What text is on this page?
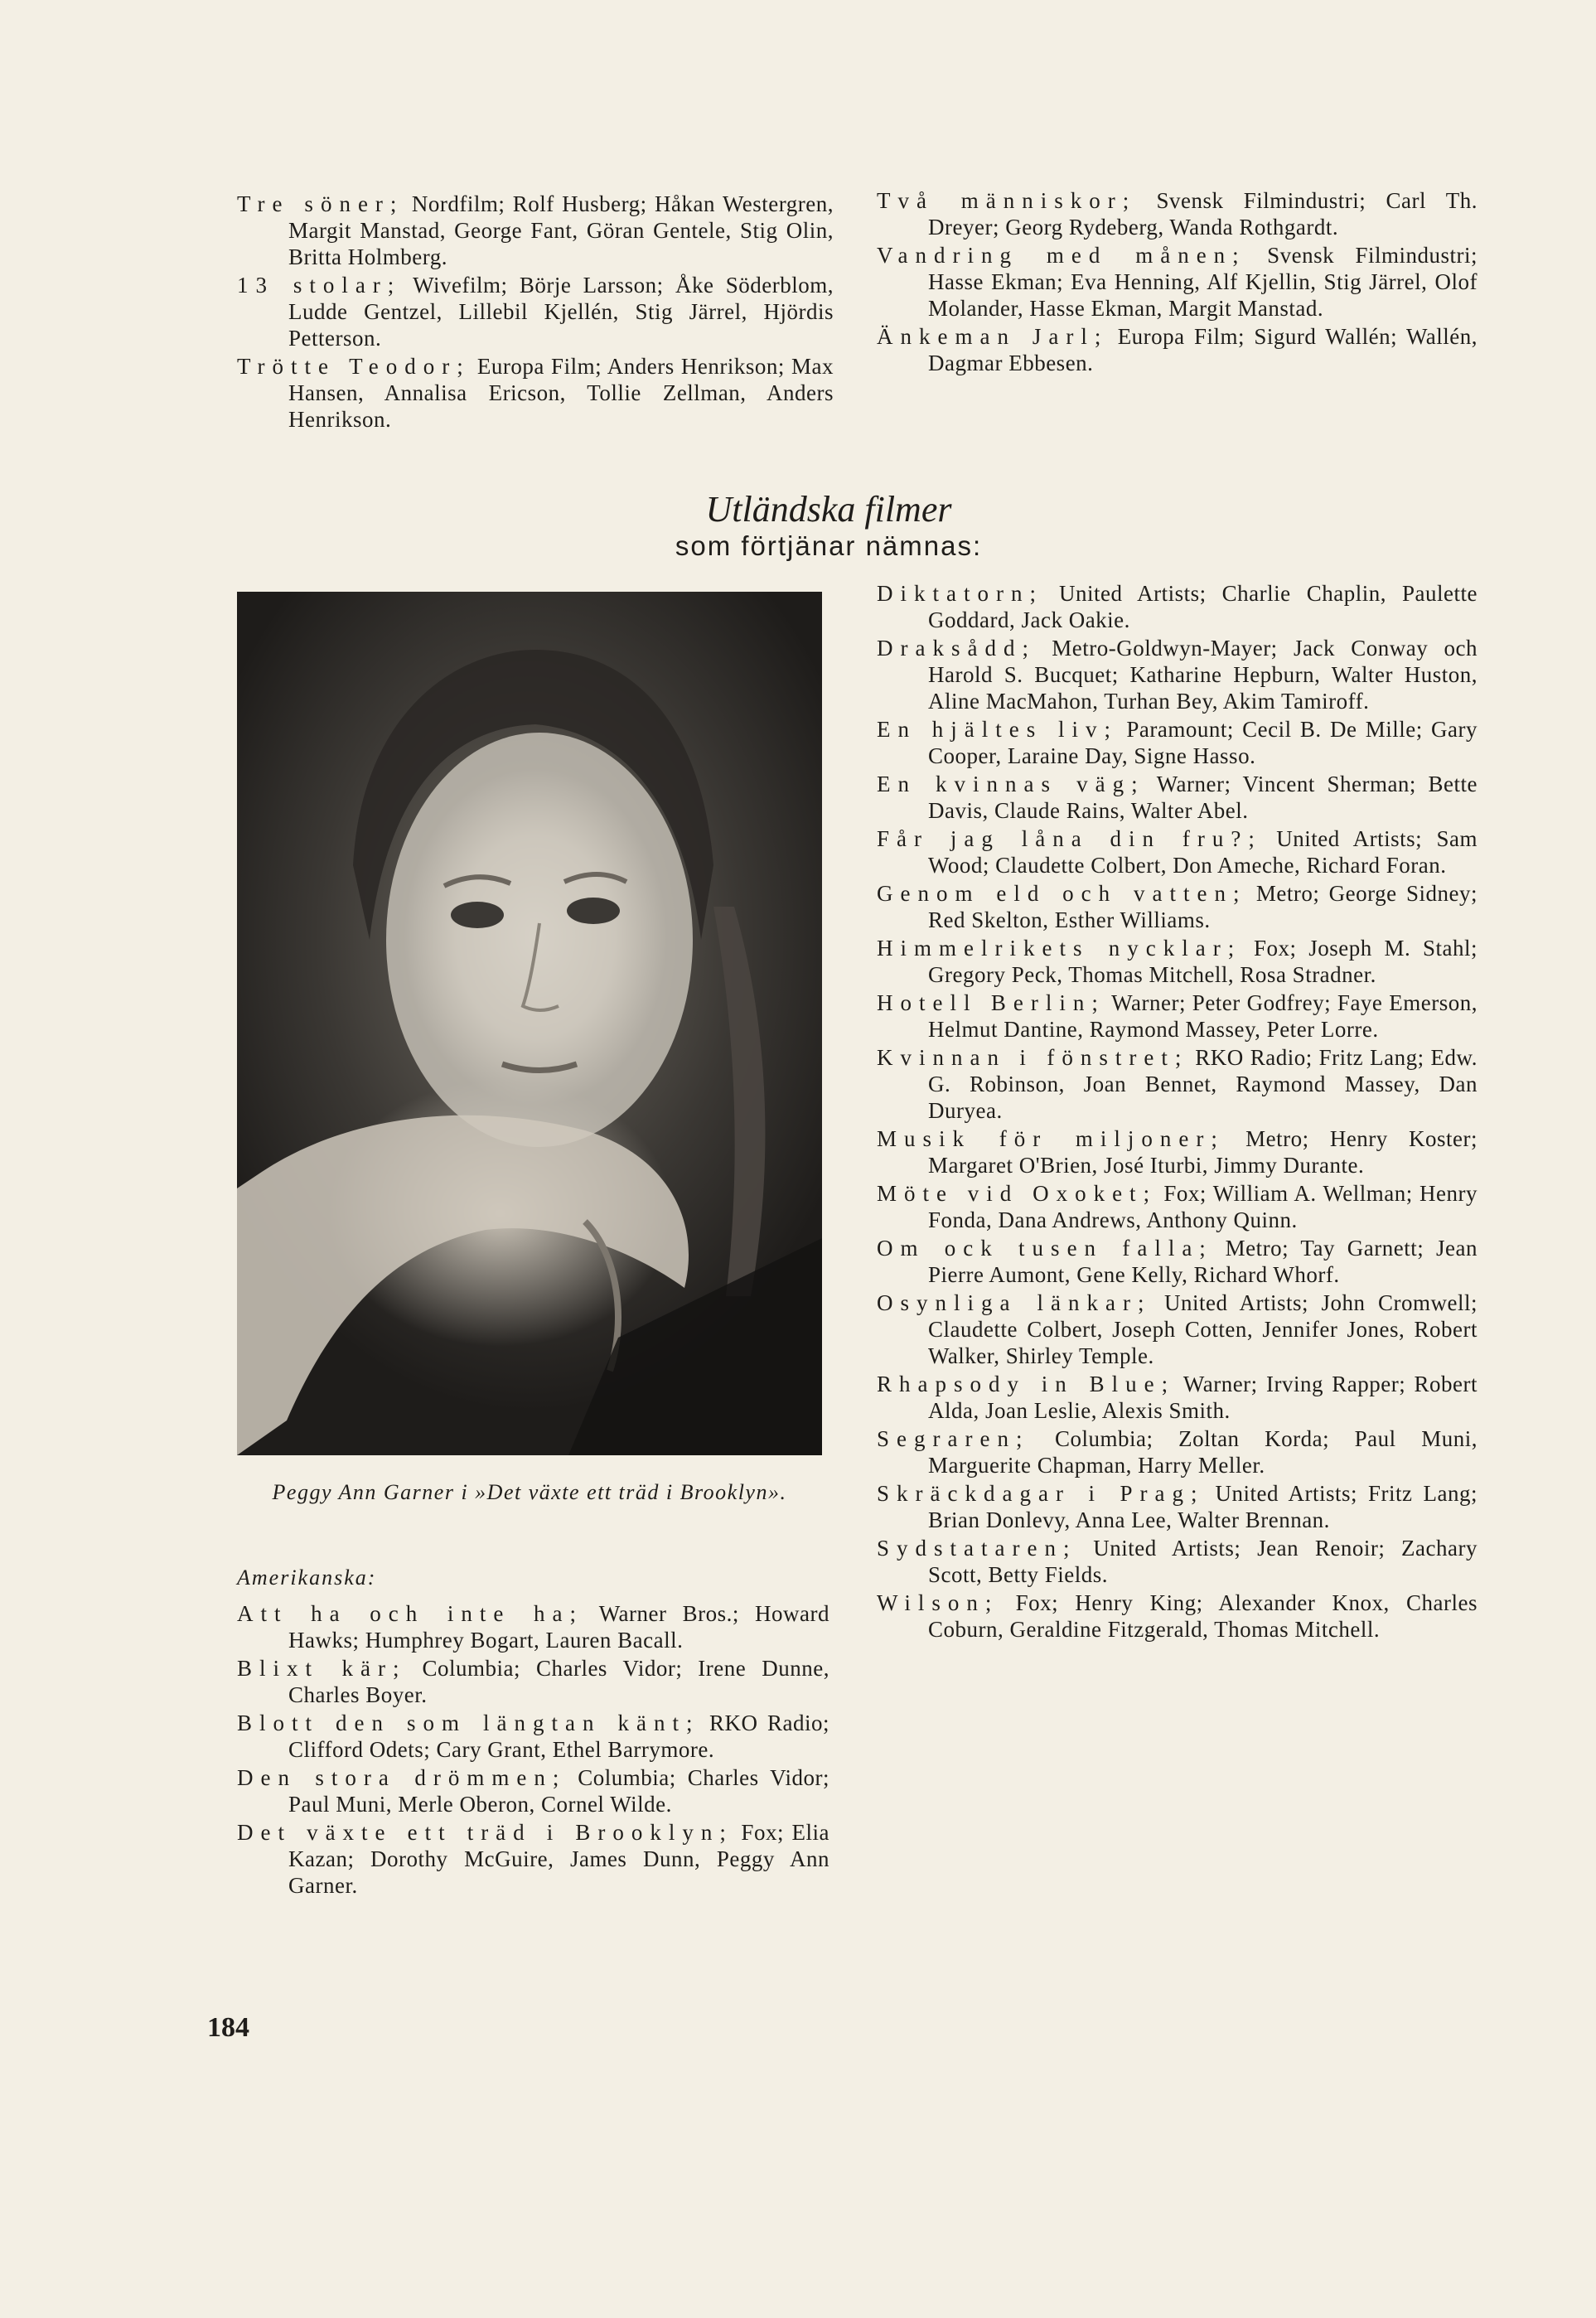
Tre söner; Nordfilm; Rolf Husberg; Håkan Westergren, Margit Manstad, George Fant, Göran Gentele, Stig Olin, Britta Holmberg.

13 stolar; Wivefilm; Börje Larsson; Åke Söderblom, Ludde Gentzel, Lillebil Kjellén, Stig Järrel, Hjördis Petterson.

Trötte Teodor; Europa Film; Anders Henrikson; Max Hansen, Annalisa Ericson, Tollie Zellman, Anders Henrikson.

Två människor; Svensk Filmindustri; Carl Th. Dreyer; Georg Rydeberg, Wanda Rothgardt.

Vandring med månen; Svensk Filmindustri; Hasse Ekman; Eva Henning, Alf Kjellin, Stig Järrel, Olof Molander, Hasse Ekman, Margit Manstad.

Änkeman Jarl; Europa Film; Sigurd Wallén; Wallén, Dagmar Ebbesen.

Utländska filmer
som förtjänar nämnas:
Peggy Ann Garner i »Det växte ett träd i Brooklyn».
Amerikanska:

Att ha och inte ha; Warner Bros.; Howard Hawks; Humphrey Bogart, Lauren Bacall.

Blixt kär; Columbia; Charles Vidor; Irene Dunne, Charles Boyer.

Blott den som längtan känt; RKO Radio; Clifford Odets; Cary Grant, Ethel Barrymore.

Den stora drömmen; Columbia; Charles Vidor; Paul Muni, Merle Oberon, Cornel Wilde.

Det växte ett träd i Brooklyn; Fox; Elia Kazan; Dorothy McGuire, James Dunn, Peggy Ann Garner.

Diktatorn; United Artists; Charlie Chaplin, Paulette Goddard, Jack Oakie.

Draksådd; Metro-Goldwyn-Mayer; Jack Conway och Harold S. Bucquet; Katharine Hepburn, Walter Huston, Aline MacMahon, Turhan Bey, Akim Tamiroff.

En hjältes liv; Paramount; Cecil B. De Mille; Gary Cooper, Laraine Day, Signe Hasso.

En kvinnas väg; Warner; Vincent Sherman; Bette Davis, Claude Rains, Walter Abel.

Får jag låna din fru?; United Artists; Sam Wood; Claudette Colbert, Don Ameche, Richard Foran.

Genom eld och vatten; Metro; George Sidney; Red Skelton, Esther Williams.

Himmelrikets nycklar; Fox; Joseph M. Stahl; Gregory Peck, Thomas Mitchell, Rosa Stradner.

Hotell Berlin; Warner; Peter Godfrey; Faye Emerson, Helmut Dantine, Raymond Massey, Peter Lorre.

Kvinnan i fönstret; RKO Radio; Fritz Lang; Edw. G. Robinson, Joan Bennet, Raymond Massey, Dan Duryea.

Musik för miljoner; Metro; Henry Koster; Margaret O'Brien, José Iturbi, Jimmy Durante.

Möte vid Oxoket; Fox; William A. Wellman; Henry Fonda, Dana Andrews, Anthony Quinn.

Om ock tusen falla; Metro; Tay Garnett; Jean Pierre Aumont, Gene Kelly, Richard Whorf.

Osynliga länkar; United Artists; John Cromwell; Claudette Colbert, Joseph Cotten, Jennifer Jones, Robert Walker, Shirley Temple.

Rhapsody in Blue; Warner; Irving Rapper; Robert Alda, Joan Leslie, Alexis Smith.

Segraren; Columbia; Zoltan Korda; Paul Muni, Marguerite Chapman, Harry Meller.

Skräckdagar i Prag; United Artists; Fritz Lang; Brian Donlevy, Anna Lee, Walter Brennan.

Sydstataren; United Artists; Jean Renoir; Zachary Scott, Betty Fields.

Wilson; Fox; Henry King; Alexander Knox, Charles Coburn, Geraldine Fitzgerald, Thomas Mitchell.

184
